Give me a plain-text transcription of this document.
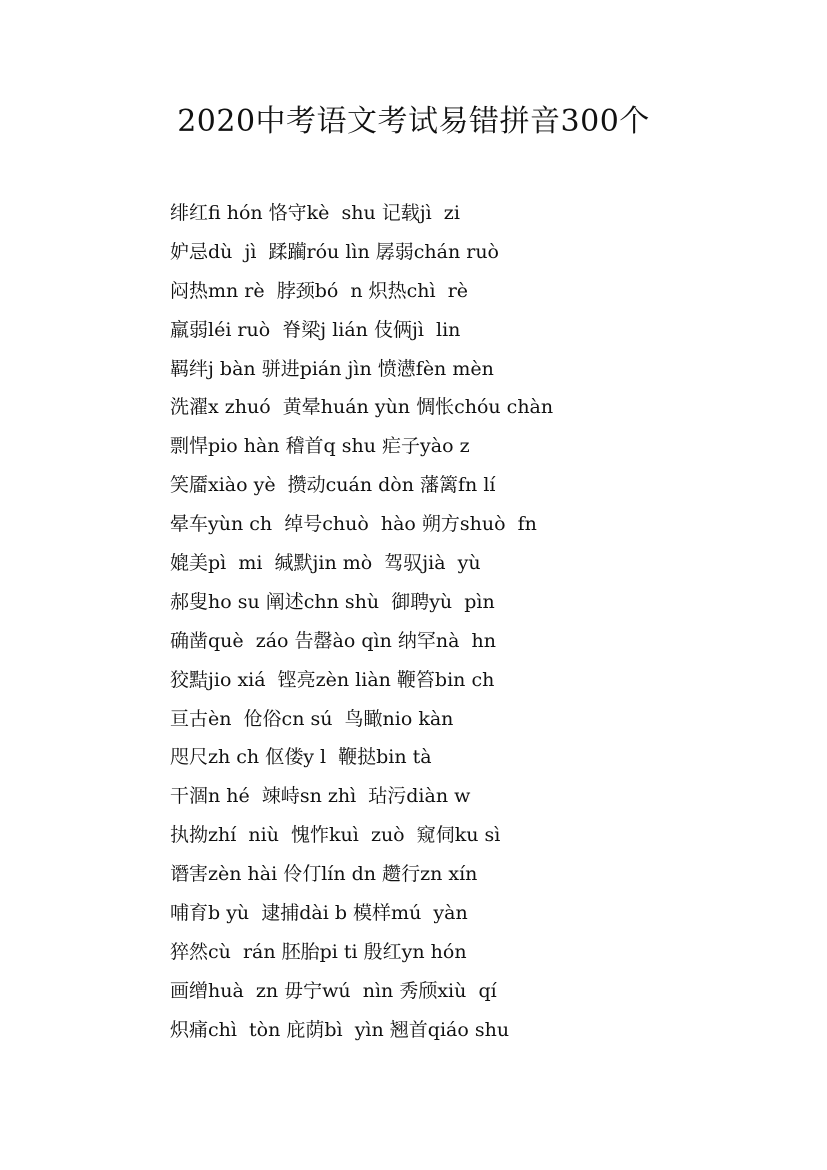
2020中考语文考试易错拼音300个
绯红fi hón 恪守kè  shu 记载jì  zi
妒忌dù  jì  蹂躏róu lìn 孱弱chán ruò
闷热mn rè  脖颈bó  n 炽热chì  rè
羸弱léi ruò  脊梁j lián 伎俩jì  lin
羁绊j bàn 骈进pián jìn 愤懑fèn mèn
洗濯x zhuó  黄晕huán yùn 惆怅chóu chàn
剽悍pio hàn 稽首q shu 疟子yào z
笑靥xiào yè  攒动cuán dòn 藩篱fn lí
晕车yùn ch  绰号chuò  hào 朔方shuò  fn
媲美pì  mi  缄默jin mò  驾驭jià  yù
郝叟ho su 阐述chn shù  御聘yù  pìn
确凿què  záo 告罄ào qìn 纳罕nà  hn
狡黠jio xiá  铿亮zèn liàn 鞭笞bin ch
亘古èn  伧俗cn sú  鸟瞰nio kàn
咫尺zh ch 伛偻y l  鞭挞bin tà
干涸n hé  竦峙sn zhì  玷污diàn w
执拗zhí  niù  愧怍kuì  zuò  窥伺ku sì
谮害zèn hài 伶仃lín dn 趱行zn xín
哺育b yù  逮捕dài b 模样mú  yàn
猝然cù  rán 胚胎pi ti 殷红yn hón
画缯huà  zn 毋宁wú  nìn 秀颀xiù  qí
炽痛chì  tòn 庇荫bì  yìn 翘首qiáo shu
